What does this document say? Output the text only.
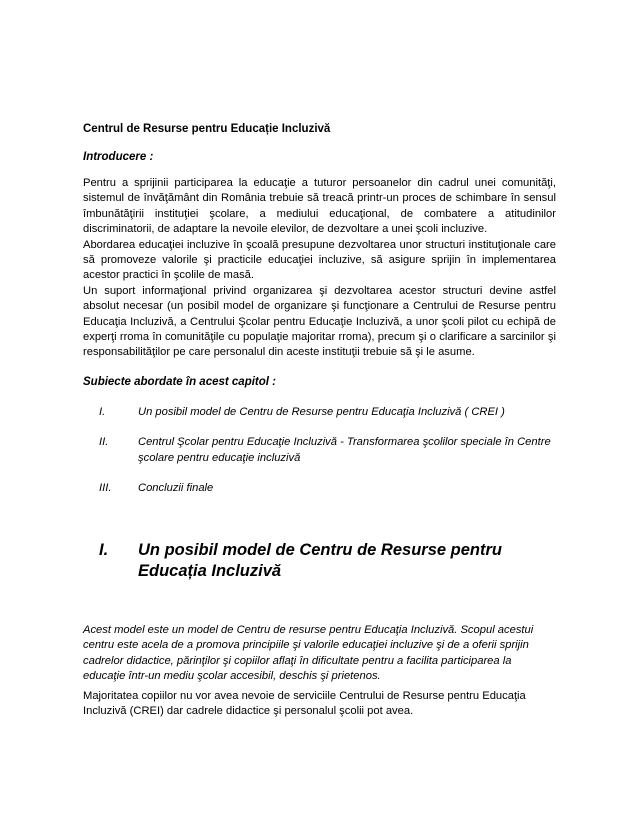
Centrul de Resurse pentru Educație Incluzivă
Introducere :

Pentru a sprijinii participarea la educaţie a tuturor persoanelor din cadrul unei comunităţi, sistemul de învăţământ din România trebuie să treacă printr-un proces de schimbare în sensul îmbunătăţirii instituţiei şcolare, a mediului educaţional, de combatere a atitudinilor discriminatorii, de adaptare la nevoile elevilor, de dezvoltare a unei şcoli incluzive.

Abordarea educaţiei incluzive în şcoală presupune dezvoltarea unor structuri instituţionale care să promoveze valorile şi practicile educaţiei incluzive, să asigure sprijin în implementarea acestor practici în şcolile de masă.

Un suport informaţional privind organizarea şi dezvoltarea acestor structuri devine astfel absolut necesar (un posibil model de organizare şi funcţionare a Centrului de Resurse pentru Educaţia Incluzivă, a Centrului Şcolar pentru Educaţie Incluzivă, a unor şcoli pilot cu echipă de experţi rroma în comunităţile cu populaţie majoritar rroma), precum şi o clarificare a sarcinilor şi responsabilităţilor pe care personalul din aceste instituţii trebuie să şi le asume.

Subiecte abordate în acest capitol :
I.	Un posibil model de Centru de Resurse pentru Educaţia Incluzivă ( CREI )
II.	Centrul Şcolar pentru Educaţie Incluzivă - Transformarea şcolilor speciale în Centre şcolare pentru educaţie incluzivă
III. Concluzii finale
I.	Un posibil model de Centru de Resurse pentru Educația Incluzivă

Acest model este un model de Centru de resurse pentru Educaţia Incluzivă. Scopul acestui centru este acela de a promova principiile şi valorile educaţiei incluzive şi de a oferii sprijin cadrelor didactice, părinţilor şi copiilor aflaţi în dificultate pentru a facilita participarea la educaţie într-un mediu şcolar accesibil, deschis şi prietenos.

Majoritatea copiilor nu vor avea nevoie de serviciile Centrului de Resurse pentru Educaţia Incluzivă (CREI) dar cadrele didactice şi personalul şcolii pot avea.
